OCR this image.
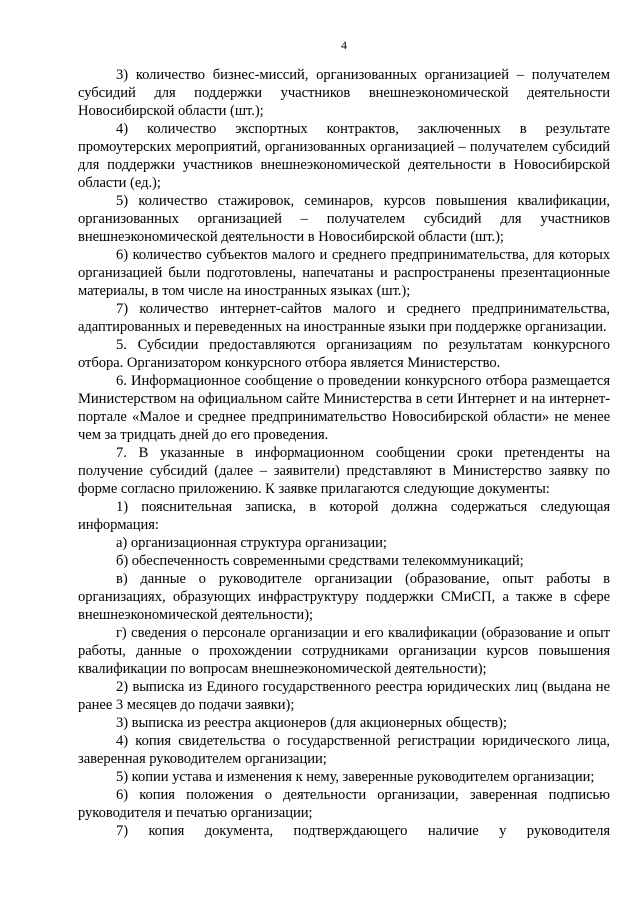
4

3) количество бизнес-миссий, организованных организацией – получателем субсидий для поддержки участников внешнеэкономической деятельности Новосибирской области (шт.);

4) количество экспортных контрактов, заключенных в результате промоутерских мероприятий, организованных организацией – получателем субсидий для поддержки участников внешнеэкономической деятельности в Новосибирской области (ед.);

5) количество стажировок, семинаров, курсов повышения квалификации, организованных организацией – получателем субсидий для участников внешнеэкономической деятельности в Новосибирской области (шт.);

6) количество субъектов малого и среднего предпринимательства, для которых организацией были подготовлены, напечатаны и распространены презентационные материалы, в том числе на иностранных языках (шт.);

7) количество интернет-сайтов малого и среднего предпринимательства, адаптированных и переведенных на иностранные языки при поддержке организации.

5. Субсидии предоставляются организациям по результатам конкурсного отбора. Организатором конкурсного отбора является Министерство.

6. Информационное сообщение о проведении конкурсного отбора размещается Министерством на официальном сайте Министерства в сети Интернет и на интернет-портале «Малое и среднее предпринимательство Новосибирской области» не менее чем за тридцать дней до его проведения.

7. В указанные в информационном сообщении сроки претенденты на получение субсидий (далее – заявители) представляют в Министерство заявку по форме согласно приложению. К заявке прилагаются следующие документы:

1) пояснительная записка, в которой должна содержаться следующая информация:

а) организационная структура организации;

б) обеспеченность современными средствами телекоммуникаций;

в) данные о руководителе организации (образование, опыт работы в организациях, образующих инфраструктуру поддержки СМиСП, а также в сфере внешнеэкономической деятельности);

г) сведения о персонале организации и его квалификации (образование и опыт работы, данные о прохождении сотрудниками организации курсов повышения квалификации по вопросам внешнеэкономической деятельности);

2) выписка из Единого государственного реестра юридических лиц (выдана не ранее 3 месяцев до подачи заявки);

3) выписка из реестра акционеров (для акционерных обществ);

4) копия свидетельства о государственной регистрации юридического лица, заверенная руководителем организации;

5) копии устава и изменения к нему, заверенные руководителем организации;

6) копия положения о деятельности организации, заверенная подписью руководителя и печатью организации;

7) копия документа, подтверждающего наличие у руководителя
